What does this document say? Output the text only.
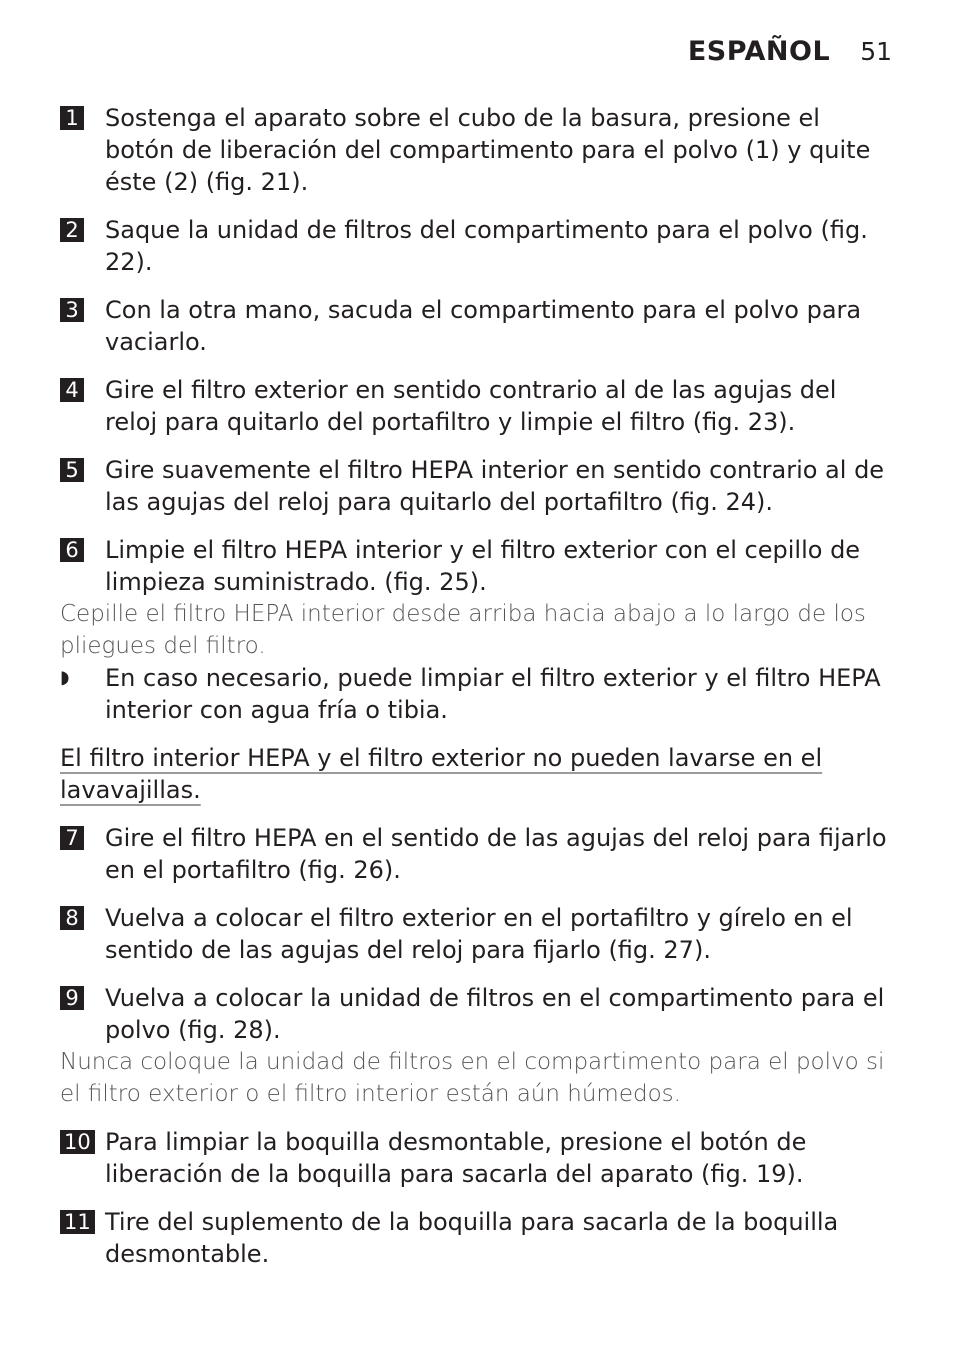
ESPAÑOL 51
1 Sostenga el aparato sobre el cubo de la basura, presione el botón de liberación del compartimento para el polvo (1) y quite éste (2) (fig. 21).
2 Saque la unidad de filtros del compartimento para el polvo (fig. 22).
3 Con la otra mano, sacuda el compartimento para el polvo para vaciarlo.
4 Gire el filtro exterior en sentido contrario al de las agujas del reloj para quitarlo del portafiltro y limpie el filtro (fig. 23).
5 Gire suavemente el filtro HEPA interior en sentido contrario al de las agujas del reloj para quitarlo del portafiltro (fig. 24).
6 Limpie el filtro HEPA interior y el filtro exterior con el cepillo de limpieza suministrado. (fig. 25).
Cepille el filtro HEPA interior desde arriba hacia abajo a lo largo de los pliegues del filtro.
◗ En caso necesario, puede limpiar el filtro exterior y el filtro HEPA interior con agua fría o tibia.
El filtro interior HEPA y el filtro exterior no pueden lavarse en el lavavajillas.
7 Gire el filtro HEPA en el sentido de las agujas del reloj para fijarlo en el portafiltro (fig. 26).
8 Vuelva a colocar el filtro exterior en el portafiltro y gírelo en el sentido de las agujas del reloj para fijarlo (fig. 27).
9 Vuelva a colocar la unidad de filtros en el compartimento para el polvo (fig. 28).
Nunca coloque la unidad de filtros en el compartimento para el polvo si el filtro exterior o el filtro interior están aún húmedos.
10 Para limpiar la boquilla desmontable, presione el botón de liberación de la boquilla para sacarla del aparato (fig. 19).
11 Tire del suplemento de la boquilla para sacarla de la boquilla desmontable.
